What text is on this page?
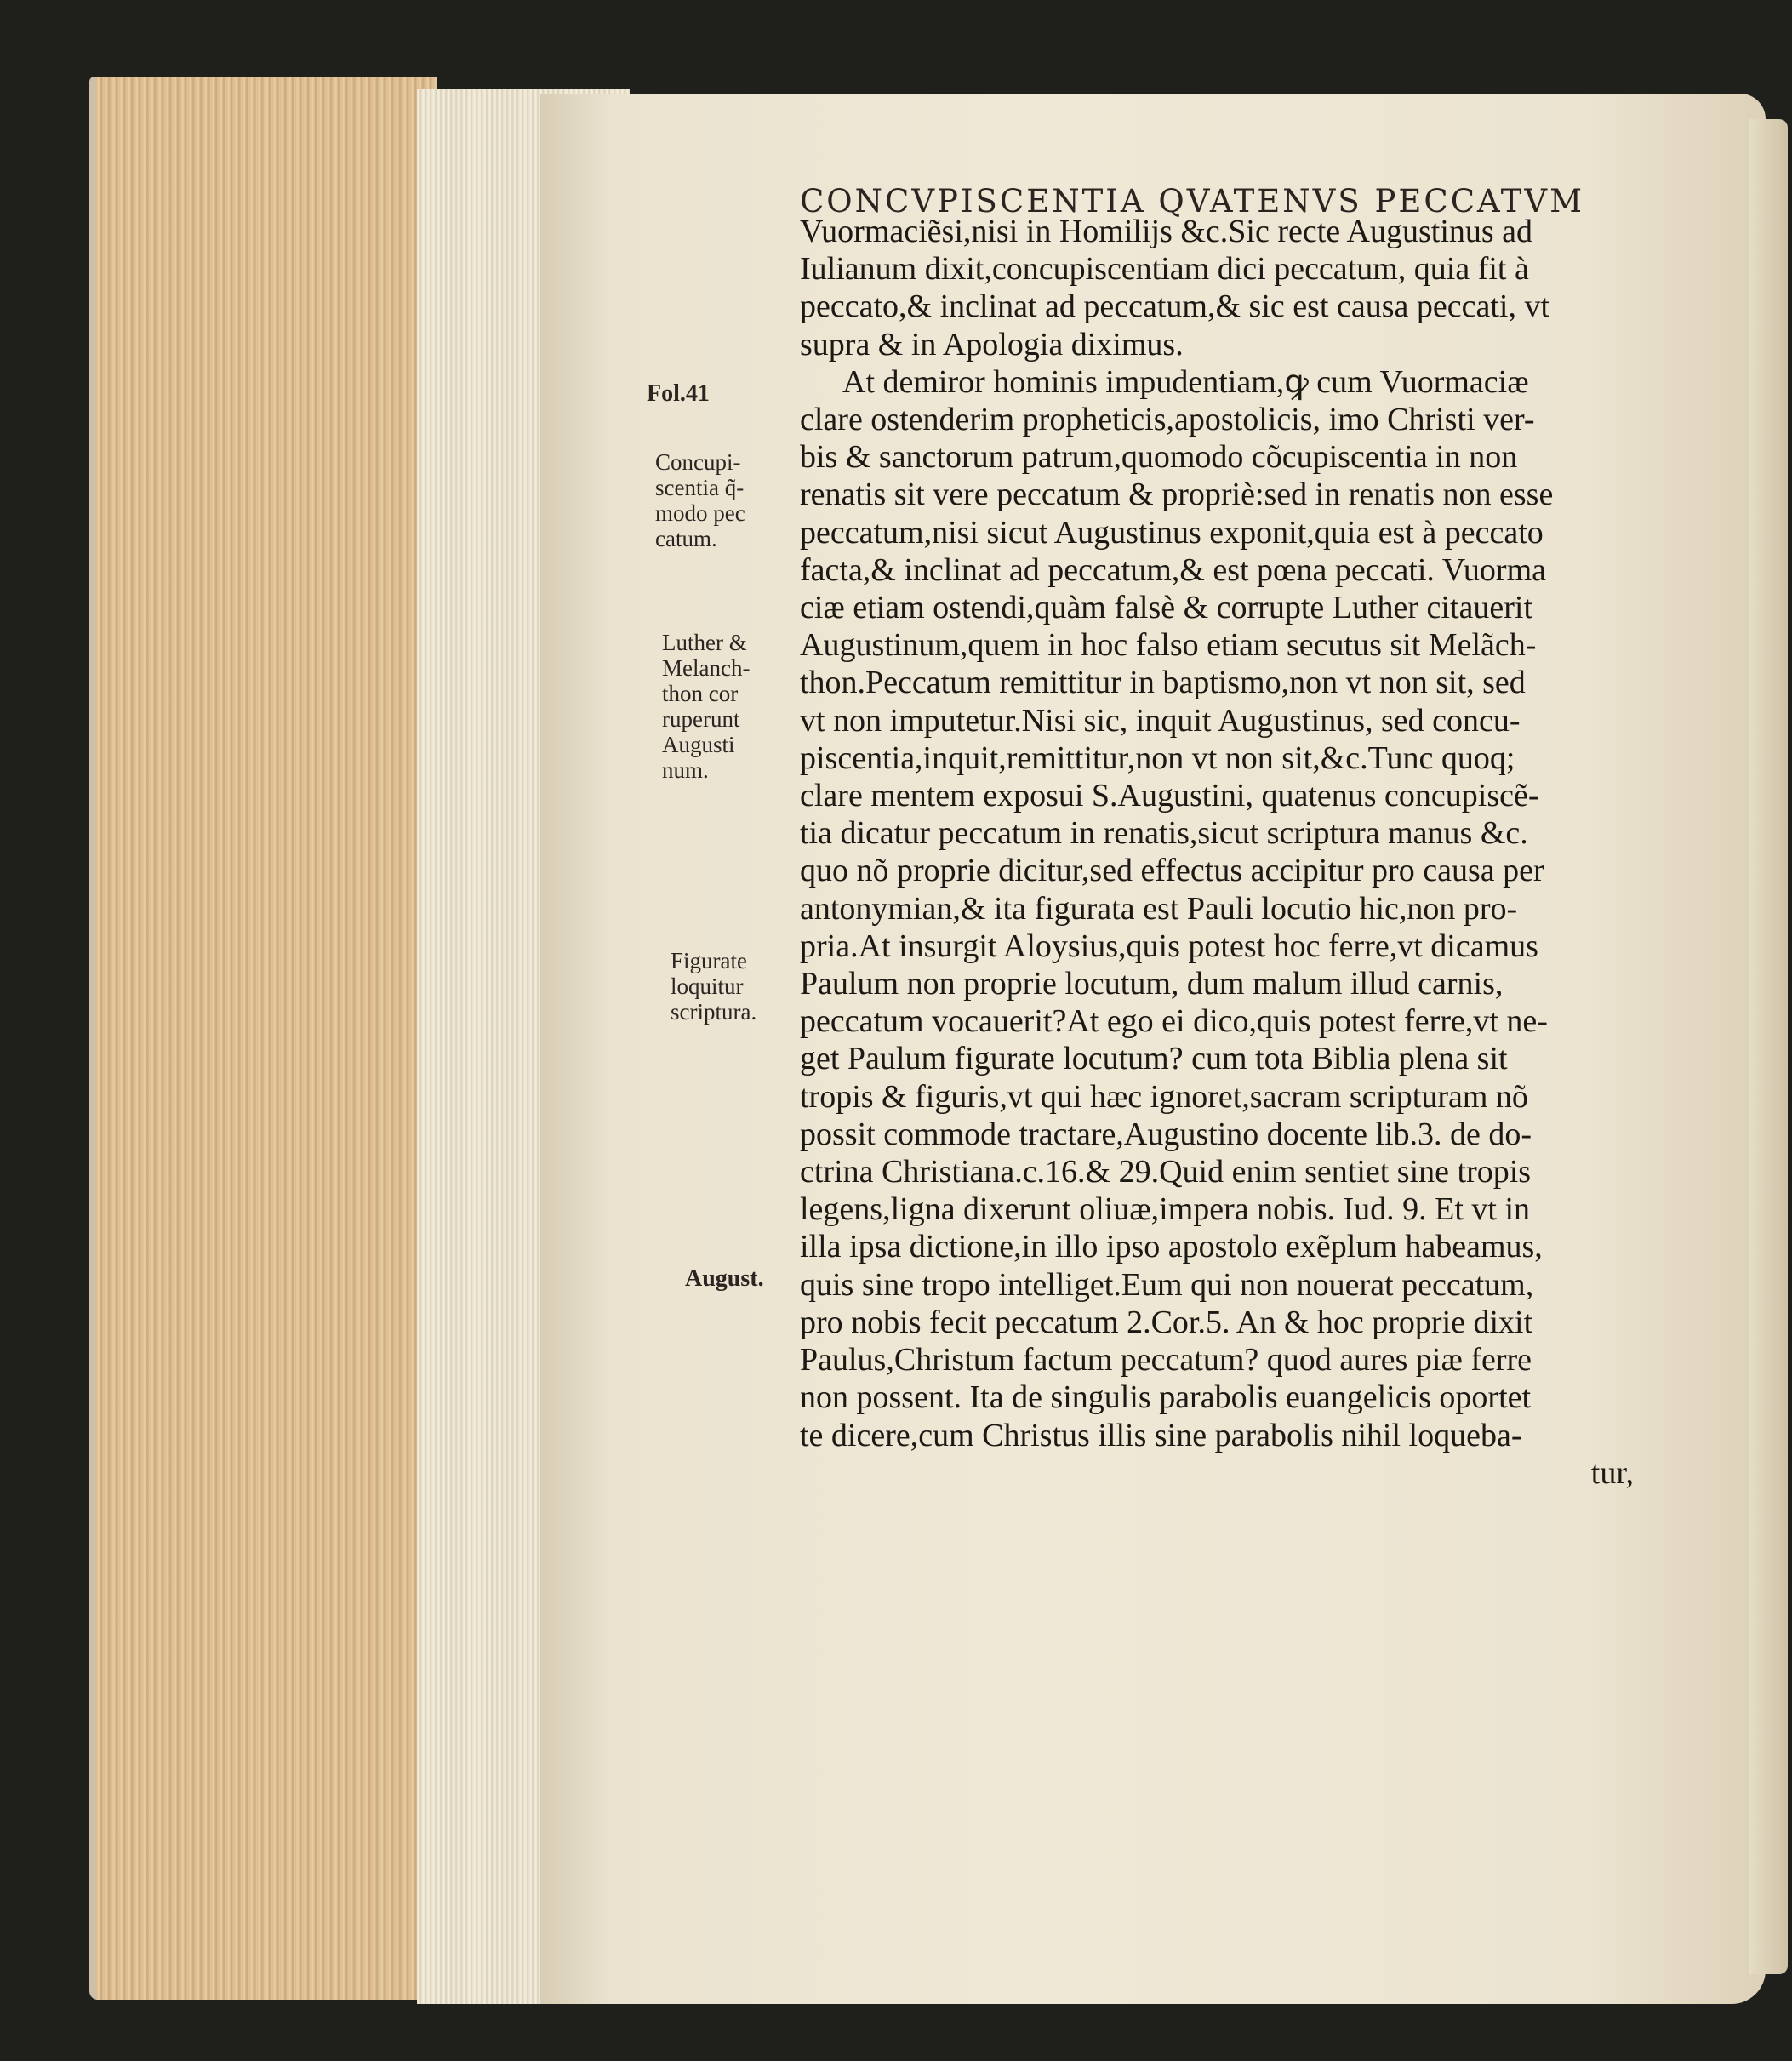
CONCVPISCENTIA QVATENVS PECCATVM
Fol.41
Concupi-
scentia q̃-
modo pec
catum.
Luther &
Melanch-
thon cor
ruperunt
Augusti
num.
Figurate
loquitur
scriptura.
August.
Vuormaciẽsi,nisi in Homilijs &c.Sic recte Augustinus ad
Iulianum dixit,concupiscentiam dici peccatum, quia fit à
peccato,& inclinat ad peccatum,& sic est causa peccati, vt
supra & in Apologia diximus.
At demiror hominis impudentiam,ꝙ cum Vuormaciæ
clare ostenderim propheticis,apostolicis, imo Christi ver-
bis & sanctorum patrum,quomodo cõcupiscentia in non
renatis sit vere peccatum & propriè:sed in renatis non esse
peccatum,nisi sicut Augustinus exponit,quia est à peccato
facta,& inclinat ad peccatum,& est pœna peccati. Vuorma
ciæ etiam ostendi,quàm falsè & corrupte Luther citauerit
Augustinum,quem in hoc falso etiam secutus sit Melãch-
thon.Peccatum remittitur in baptismo,non vt non sit, sed
vt non imputetur.Nisi sic, inquit Augustinus, sed concu-
piscentia,inquit,remittitur,non vt non sit,&c.Tunc quoq;
clare mentem exposui S.Augustini, quatenus concupiscẽ-
tia dicatur peccatum in renatis,sicut scriptura manus &c.
quo nõ proprie dicitur,sed effectus accipitur pro causa per
antonymian,& ita figurata est Pauli locutio hic,non pro-
pria.At insurgit Aloysius,quis potest hoc ferre,vt dicamus
Paulum non proprie locutum, dum malum illud carnis,
peccatum vocauerit?At ego ei dico,quis potest ferre,vt ne-
get Paulum figurate locutum? cum tota Biblia plena sit
tropis & figuris,vt qui hæc ignoret,sacram scripturam nõ
possit commode tractare,Augustino docente lib.3. de do-
ctrina Christiana.c.16.& 29.Quid enim sentiet sine tropis
legens,ligna dixerunt oliuæ,impera nobis. Iud. 9. Et vt in
illa ipsa dictione,in illo ipso apostolo exẽplum habeamus,
quis sine tropo intelliget.Eum qui non nouerat peccatum,
pro nobis fecit peccatum 2.Cor.5. An & hoc proprie dixit
Paulus,Christum factum peccatum? quod aures piæ ferre
non possent. Ita de singulis parabolis euangelicis oportet
te dicere,cum Christus illis sine parabolis nihil loqueba-
tur,
